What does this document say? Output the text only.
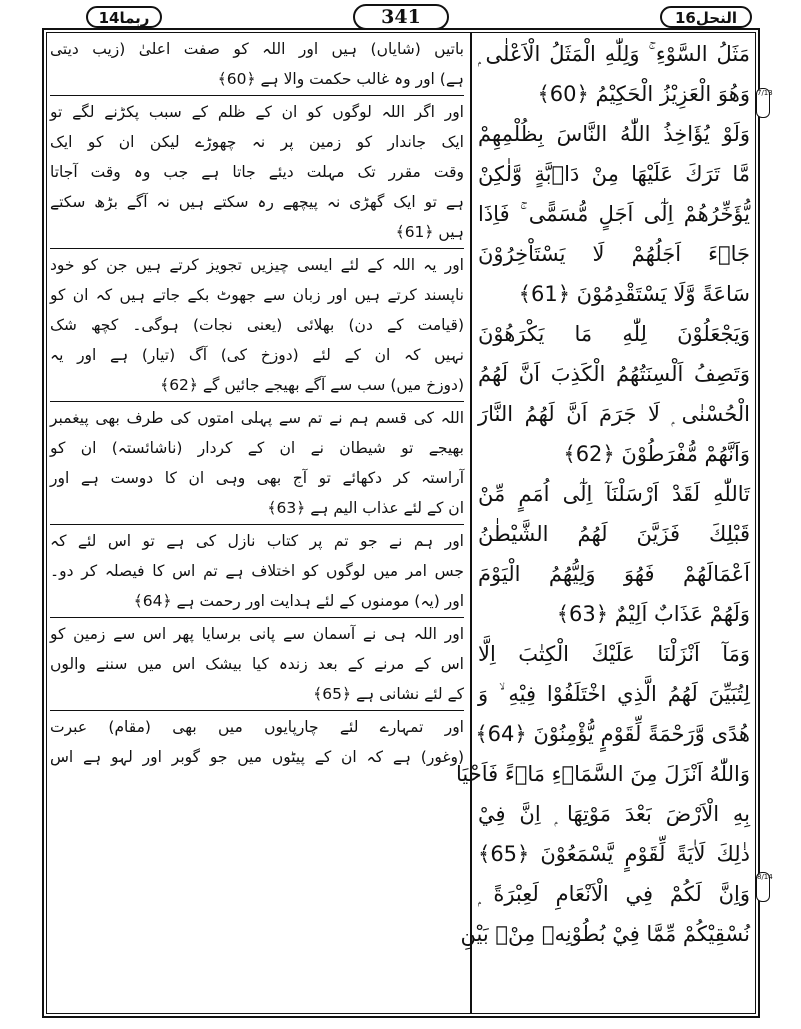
النحل16
341
ربما14
7/13
8/14
مَثَلُ السَّوْءِ ۚ وَلِلّٰهِ الْمَثَلُ الْاَعْلٰى ۭ
وَهُوَ الْعَزِيْزُ الْحَكِيْمُ ﴿60﴾
وَلَوْ يُؤَاخِذُ اللّٰهُ النَّاسَ بِظُلْمِهِمْ
مَّا تَرَكَ عَلَيْهَا مِنْ دَاۗبَّةٍ وَّلٰكِنْ
يُّؤَخِّرُهُمْ اِلٰٓى اَجَلٍ مُّسَمًّى ۚ فَاِذَا
جَاۗءَ اَجَلُهُمْ لَا يَسْتَاْخِرُوْنَ
سَاعَةً وَّلَا يَسْتَقْدِمُوْنَ ﴿61﴾
وَيَجْعَلُوْنَ لِلّٰهِ مَا يَكْرَهُوْنَ
وَتَصِفُ اَلْسِنَتُهُمُ الْكَذِبَ اَنَّ لَهُمُ
الْحُسْنٰى ۭ لَا جَرَمَ اَنَّ لَهُمُ النَّارَ
وَاَنَّهُمْ مُّفْرَطُوْنَ ﴿62﴾
تَاللّٰهِ لَقَدْ اَرْسَلْنَآ اِلٰٓى اُمَمٍ مِّنْ
قَبْلِكَ فَزَيَّنَ لَهُمُ الشَّيْطٰنُ
اَعْمَالَهُمْ فَهُوَ وَلِيُّهُمُ الْيَوْمَ
وَلَهُمْ عَذَابٌ اَلِيْمٌ ﴿63﴾
وَمَآ اَنْزَلْنَا عَلَيْكَ الْكِتٰبَ اِلَّا
لِتُبَيِّنَ لَهُمُ الَّذِي اخْتَلَفُوْا فِيْهِ ۙ وَ
هُدًى وَّرَحْمَةً لِّقَوْمٍ يُّؤْمِنُوْنَ ﴿64﴾
وَاللّٰهُ اَنْزَلَ مِنَ السَّمَاۗءِ مَاۗءً فَاَحْيَا
بِهِ الْاَرْضَ بَعْدَ مَوْتِهَا ۭ اِنَّ فِيْ
ذٰلِكَ لَاٰيَةً لِّقَوْمٍ يَّسْمَعُوْنَ ﴿65﴾
وَاِنَّ لَكُمْ فِي الْاَنْعَامِ لَعِبْرَةً ۭ
نُسْقِيْكُمْ مِّمَّا فِيْ بُطُوْنِهٖ مِنْۢ بَيْنِ
باتیں (شایاں) ہیں اور اللہ کو صفت اعلیٰ (زیب دیتی
ہے) اور وہ غالب حکمت والا ہے ﴿60﴾
اور اگر اللہ لوگوں کو ان کے ظلم کے سبب پکڑنے لگے تو
ایک جاندار کو زمین پر نہ چھوڑے لیکن ان کو ایک
وقت مقرر تک مہلت دیئے جاتا ہے جب وہ وقت آجاتا
ہے تو ایک گھڑی نہ پیچھے رہ سکتے ہیں نہ آگے بڑھ سکتے
ہیں ﴿61﴾
اور یہ اللہ کے لئے ایسی چیزیں تجویز کرتے ہیں جن کو خود
ناپسند کرتے ہیں اور زبان سے جھوٹ بکے جاتے ہیں کہ ان کو
(قیامت کے دن) بھلائی (یعنی نجات) ہوگی۔ کچھ شک
نہیں کہ ان کے لئے (دوزخ کی) آگ (تیار) ہے اور یہ
(دوزخ میں) سب سے آگے بھیجے جائیں گے ﴿62﴾
اللہ کی قسم ہم نے تم سے پہلی امتوں کی طرف بھی پیغمبر
بھیجے تو شیطان نے ان کے کردار (ناشائستہ) ان کو
آراستہ کر دکھائے تو آج بھی وہی ان کا دوست ہے اور
ان کے لئے عذاب الیم ہے ﴿63﴾
اور ہم نے جو تم پر کتاب نازل کی ہے تو اس لئے کہ
جس امر میں لوگوں کو اختلاف ہے تم اس کا فیصلہ کر دو۔
اور (یہ) مومنوں کے لئے ہدایت اور رحمت ہے ﴿64﴾
اور اللہ ہی نے آسمان سے پانی برسایا پھر اس سے زمین کو
اس کے مرنے کے بعد زندہ کیا بیشک اس میں سننے والوں
کے لئے نشانی ہے ﴿65﴾
اور تمہارے لئے چارپایوں میں بھی (مقام) عبرت
(وغور) ہے کہ ان کے پیٹوں میں جو گوبر اور لہو ہے اس
